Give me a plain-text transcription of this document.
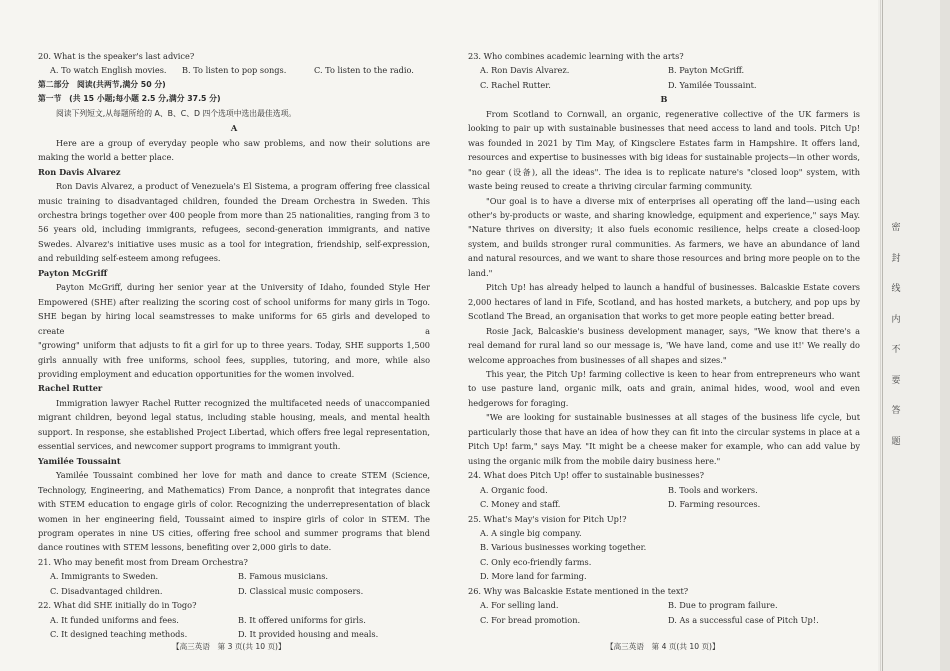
20. What is the speaker's last advice?
A. To watch English movies.	B. To listen to pop songs.	C. To listen to the radio.
第二部分　阅读(共两节,满分 50 分)
第一节　(共 15 小题;每小题 2.5 分,满分 37.5 分)
阅读下列短文,从每题所给的 A、B、C、D 四个选项中选出最佳选项。
A
Here are a group of everyday people who saw problems, and now their solutions are
making the world a better place.
Ron Davis Alvarez
Ron Davis Alvarez, a product of Venezuela's El Sistema, a program offering free classical
music training to disadvantaged children, founded the Dream Orchestra in Sweden. This
orchestra brings together over 400 people from more than 25 nationalities, ranging from 3 to
56 years old, including immigrants, refugees, second-generation immigrants, and native
Swedes. Alvarez's initiative uses music as a tool for integration, friendship, self-expression,
and rebuilding self-esteem among refugees.
Payton McGriff
Payton McGriff, during her senior year at the University of Idaho, founded Style Her
Empowered (SHE) after realizing the scoring cost of school uniforms for many girls in Togo.
SHE began by hiring local seamstresses to make uniforms for 65 girls and developed to create a
"growing" uniform that adjusts to fit a girl for up to three years. Today, SHE supports 1,500
girls annually with free uniforms, school fees, supplies, tutoring, and more, while also
providing employment and education opportunities for the women involved.
Rachel Rutter
Immigration lawyer Rachel Rutter recognized the multifaceted needs of unaccompanied
migrant children, beyond legal status, including stable housing, meals, and mental health
support. In response, she established Project Libertad, which offers free legal representation,
essential services, and newcomer support programs to immigrant youth.
Yamilée Toussaint
Yamilée Toussaint combined her love for math and dance to create STEM (Science,
Technology, Engineering, and Mathematics) From Dance, a nonprofit that integrates dance
with STEM education to engage girls of color. Recognizing the underrepresentation of black
women in her engineering field, Toussaint aimed to inspire girls of color in STEM. The
program operates in nine US cities, offering free school and summer programs that blend
dance routines with STEM lessons, benefiting over 2,000 girls to date.
21. Who may benefit most from Dream Orchestra?
A. Immigrants to Sweden.	B. Famous musicians.
C. Disadvantaged children.	D. Classical music composers.
22. What did SHE initially do in Togo?
A. It funded uniforms and fees.	B. It offered uniforms for girls.
C. It designed teaching methods.	D. It provided housing and meals.
【高三英语　第 3 页(共 10 页)】
23. Who combines academic learning with the arts?
A. Ron Davis Alvarez.	B. Payton McGriff.
C. Rachel Rutter.	D. Yamilée Toussaint.
B
From Scotland to Cornwall, an organic, regenerative collective of the UK farmers is
looking to pair up with sustainable businesses that need access to land and tools. Pitch Up!
was founded in 2021 by Tim May, of Kingsclere Estates farm in Hampshire. It offers land,
resources and expertise to businesses with big ideas for sustainable projects—in other words,
"no gear (设备), all the ideas". The idea is to replicate nature's "closed loop" system, with
waste being reused to create a thriving circular farming community.
"Our goal is to have a diverse mix of enterprises all operating off the land—using each
other's by-products or waste, and sharing knowledge, equipment and experience," says May.
"Nature thrives on diversity; it also fuels economic resilience, helps create a closed-loop
system, and builds stronger rural communities. As farmers, we have an abundance of land
and natural resources, and we want to share those resources and bring more people on to the
land."
Pitch Up! has already helped to launch a handful of businesses. Balcaskie Estate covers
2,000 hectares of land in Fife, Scotland, and has hosted markets, a butchery, and pop ups by
Scotland The Bread, an organisation that works to get more people eating better bread.
Rosie Jack, Balcaskie's business development manager, says, "We know that there's a
real demand for rural land so our message is, 'We have land, come and use it!' We really do
welcome approaches from businesses of all shapes and sizes."
This year, the Pitch Up! farming collective is keen to hear from entrepreneurs who want
to use pasture land, organic milk, oats and grain, animal hides, wood, wool and even
hedgerows for foraging.
"We are looking for sustainable businesses at all stages of the business life cycle, but
particularly those that have an idea of how they can fit into the circular systems in place at a
Pitch Up! farm," says May. "It might be a cheese maker for example, who can add value by
using the organic milk from the mobile dairy business here."
24. What does Pitch Up! offer to sustainable businesses?
A. Organic food.	B. Tools and workers.
C. Money and staff.	D. Farming resources.
25. What's May's vision for Pitch Up!?
A. A single big company.
B. Various businesses working together.
C. Only eco-friendly farms.
D. More land for farming.
26. Why was Balcaskie Estate mentioned in the text?
A. For selling land.	B. Due to program failure.
C. For bread promotion.	D. As a successful case of Pitch Up!.
【高三英语　第 4 页(共 10 页)】
密
封
线
内
不
要
答
题
